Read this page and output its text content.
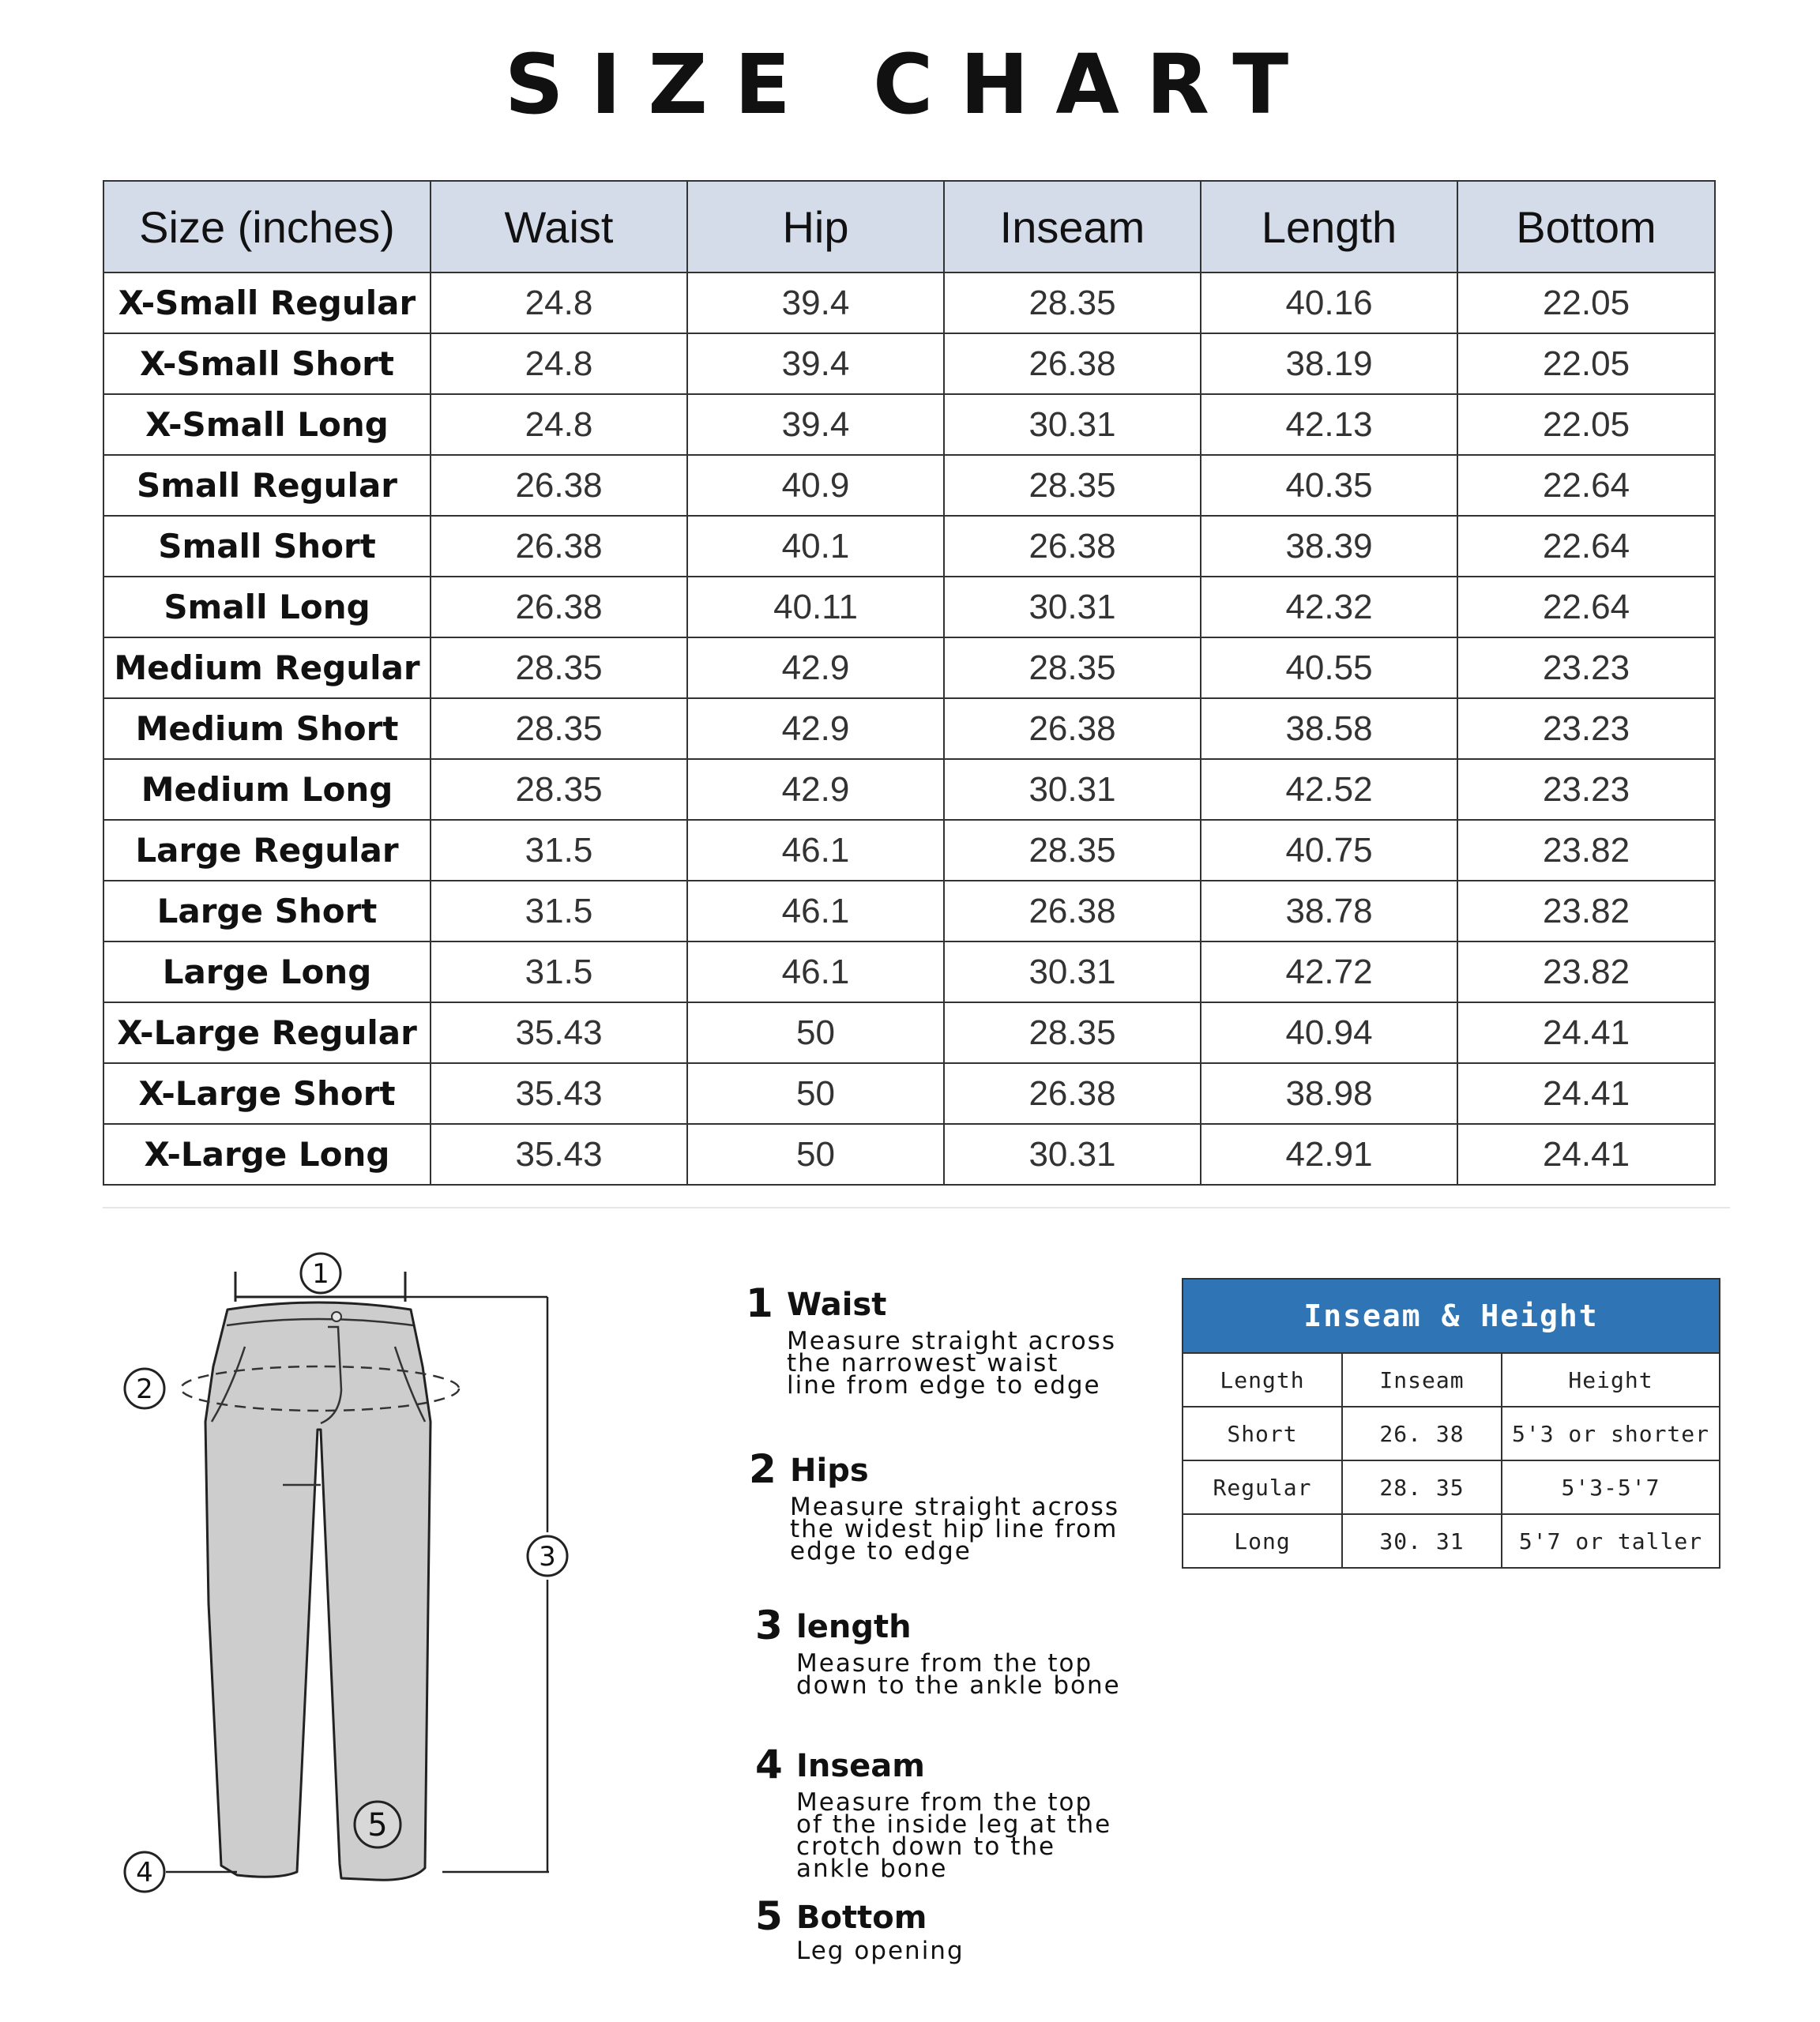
SIZE CHART
Size (inches)	Waist	Hip	Inseam	Length	Bottom
X-Small Regular	24.8	39.4	28.35	40.16	22.05
X-Small Short	24.8	39.4	26.38	38.19	22.05
X-Small Long	24.8	39.4	30.31	42.13	22.05
Small Regular	26.38	40.9	28.35	40.35	22.64
Small Short	26.38	40.1	26.38	38.39	22.64
Small Long	26.38	40.11	30.31	42.32	22.64
Medium Regular	28.35	42.9	28.35	40.55	23.23
Medium Short	28.35	42.9	26.38	38.58	23.23
Medium Long	28.35	42.9	30.31	42.52	23.23
Large Regular	31.5	46.1	28.35	40.75	23.82
Large Short	31.5	46.1	26.38	38.78	23.82
Large Long	31.5	46.1	30.31	42.72	23.82
X-Large Regular	35.43	50	28.35	40.94	24.41
X-Large Short	35.43	50	26.38	38.98	24.41
X-Large Long	35.43	50	30.31	42.91	24.41
1
2
3
4
5
1 Waist
Measure straight across the narrowest waist line from edge to edge
2 Hips
Measure straight across the widest hip line from edge to edge
3 length
Measure from the top down to the ankle bone
4 Inseam
Measure from the top of the inside leg at the crotch down to the ankle bone
5 Bottom
Leg opening
Inseam & Height		
Length	Inseam	Height
Short	26. 38	5'3 or shorter
Regular	28. 35	5'3-5'7
Long	30. 31	5'7 or taller
